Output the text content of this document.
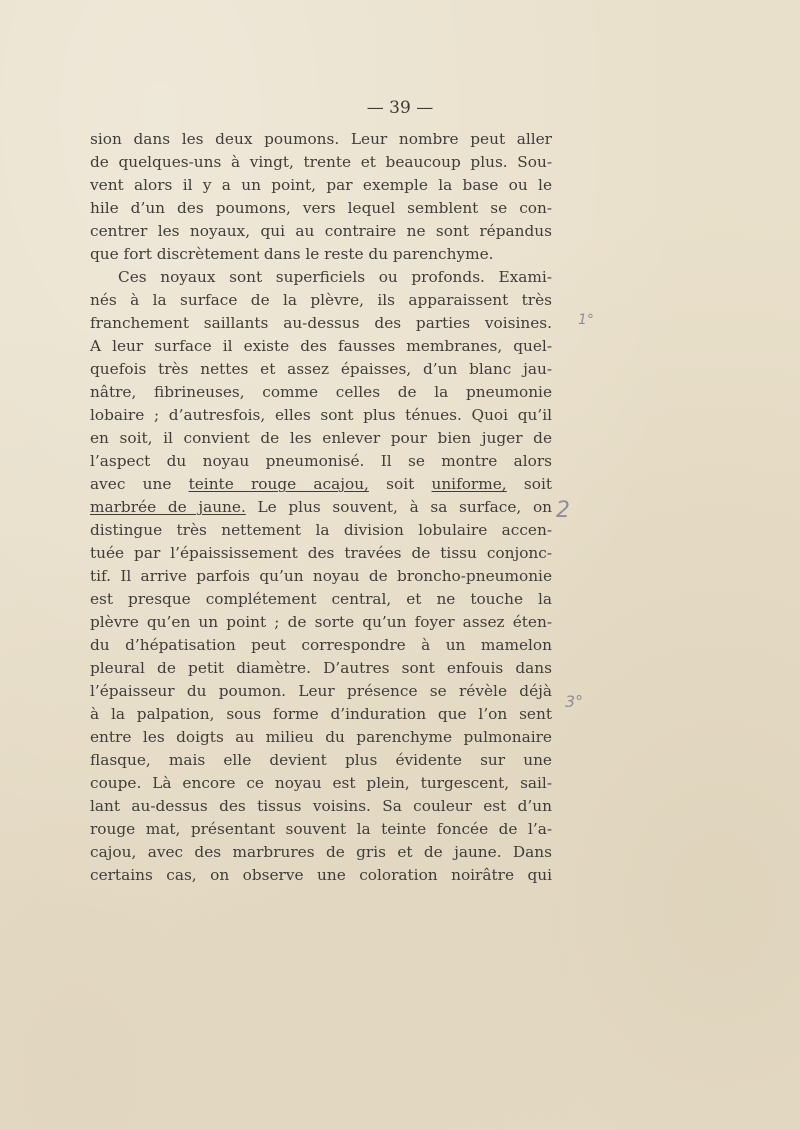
— 39 —
sion dans les deux poumons. Leur nombre peut aller
de quelques-uns à vingt, trente et beaucoup plus. Sou-
vent alors il y a un point, par exemple la base ou le
hile d’un des poumons, vers lequel semblent se con-
centrer les noyaux, qui au contraire ne sont répandus
que fort discrètement dans le reste du parenchyme.
Ces noyaux sont superficiels ou profonds. Exami-
nés à la surface de la plèvre, ils apparaissent très
franchement saillants au-dessus des parties voisines.
A leur surface il existe des fausses membranes, quel-
quefois très nettes et assez épaisses, d’un blanc jau-
nâtre, fibrineuses, comme celles de la pneumonie
lobaire ; d’autresfois, elles sont plus ténues. Quoi qu’il
en soit, il convient de les enlever pour bien juger de
l’aspect du noyau pneumonisé. Il se montre alors
avec une teinte rouge acajou, soit uniforme, soit
marbrée de jaune. Le plus souvent, à sa surface, on
distingue très nettement la division lobulaire accen-
tuée par l’épaississement des travées de tissu conjonc-
tif. Il arrive parfois qu’un noyau de broncho-pneumonie
est presque complétement central, et ne touche la
plèvre qu’en un point ; de sorte qu’un foyer assez éten-
du d’hépatisation peut correspondre à un mamelon
pleural de petit diamètre. D’autres sont enfouis dans
l’épaisseur du poumon. Leur présence se révèle déjà
à la palpation, sous forme d’induration que l’on sent
entre les doigts au milieu du parenchyme pulmonaire
flasque, mais elle devient plus évidente sur une
coupe. Là encore ce noyau est plein, turgescent, sail-
lant au-dessus des tissus voisins. Sa couleur est d’un
rouge mat, présentant souvent la teinte foncée de l’a-
cajou, avec des marbrures de gris et de jaune. Dans
certains cas, on observe une coloration noirâtre qui
1°
2
3°
